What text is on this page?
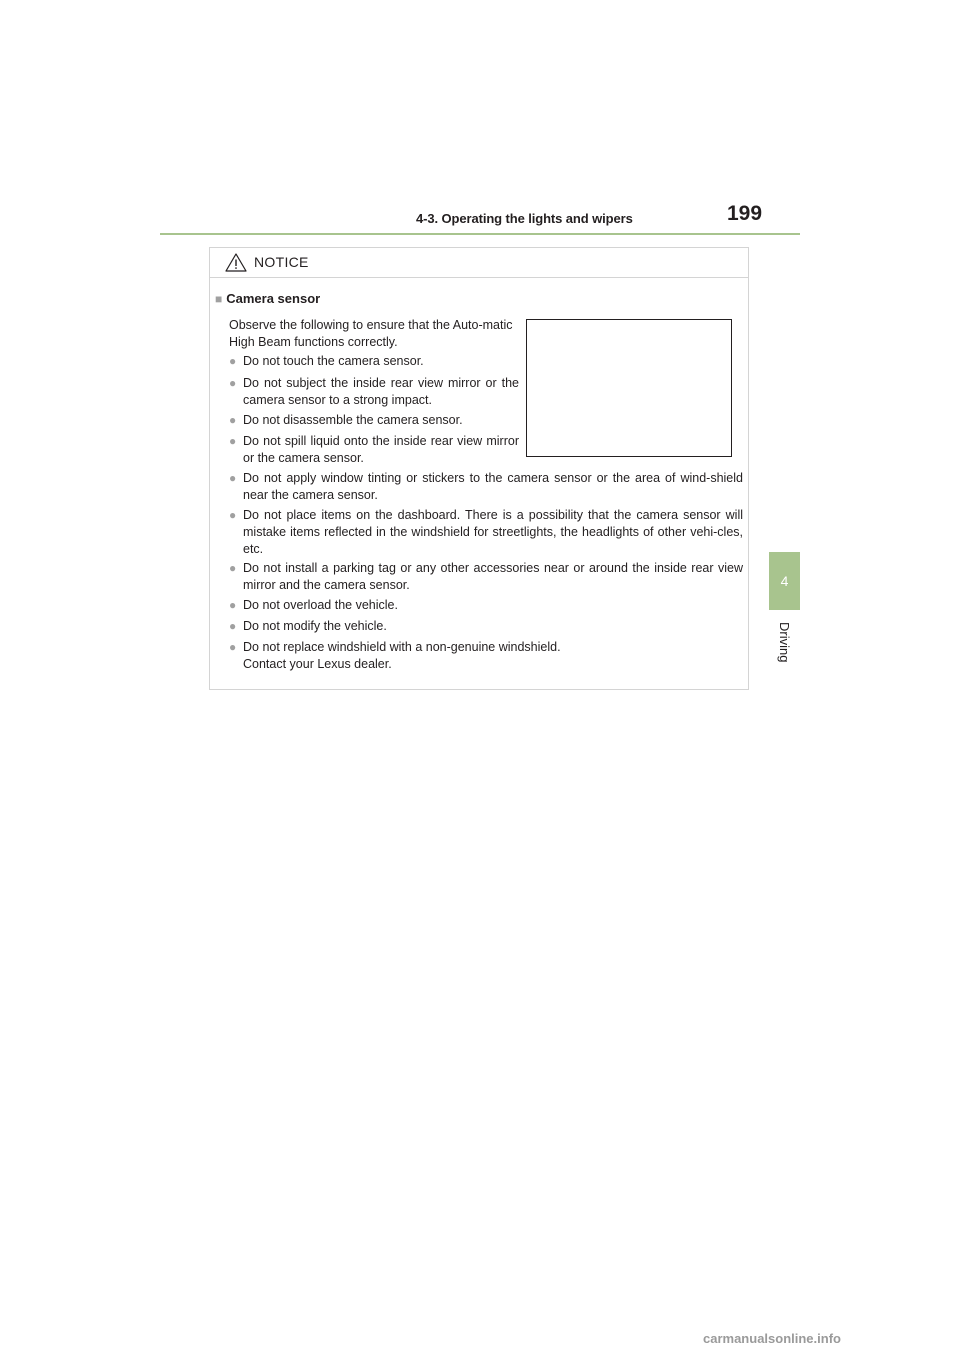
4-3. Operating the lights and wipers	199
4
Driving
NOTICE
■ Camera sensor
Observe the following to ensure that the Auto-matic High Beam functions correctly.
● Do not touch the camera sensor.
● Do not subject the inside rear view mirror or the camera sensor to a strong impact.
● Do not disassemble the camera sensor.
● Do not spill liquid onto the inside rear view mirror or the camera sensor.
● Do not apply window tinting or stickers to the camera sensor or the area of wind-shield near the camera sensor.
● Do not place items on the dashboard. There is a possibility that the camera sensor will mistake items reflected in the windshield for streetlights, the headlights of other vehi-cles, etc.
● Do not install a parking tag or any other accessories near or around the inside rear view mirror and the camera sensor.
● Do not overload the vehicle.
● Do not modify the vehicle.
● Do not replace windshield with a non-genuine windshield.
Contact your Lexus dealer.
carmanualsonline.info
